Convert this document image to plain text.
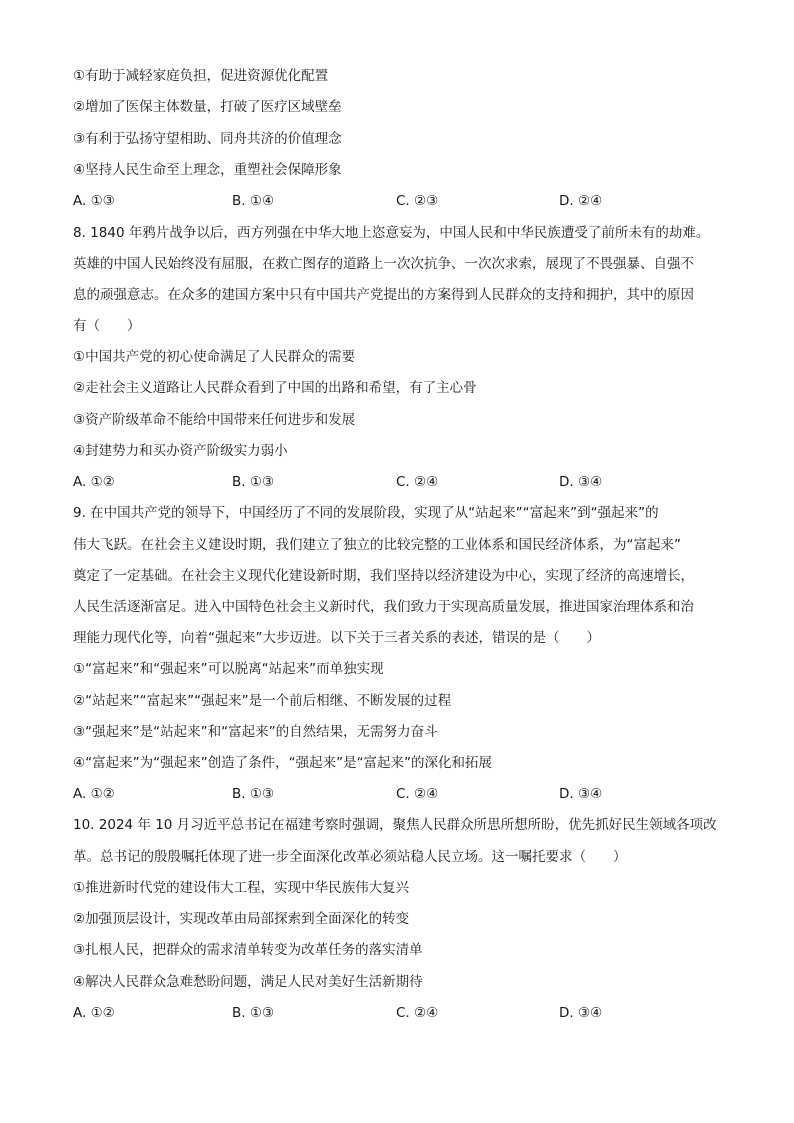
①有助于减轻家庭负担，促进资源优化配置
②增加了医保主体数量，打破了医疗区域壁垒
③有利于弘扬守望相助、同舟共济的价值理念
④坚持人民生命至上理念，重塑社会保障形象
A. ①③	B. ①④	C. ②③	D. ②④
8. 1840 年鸦片战争以后，西方列强在中华大地上恣意妄为，中国人民和中华民族遭受了前所未有的劫难。
英雄的中国人民始终没有屈服，在救亡图存的道路上一次次抗争、一次次求索，展现了不畏强暴、自强不
息的顽强意志。在众多的建国方案中只有中国共产党提出的方案得到人民群众的支持和拥护，其中的原因
有（　　）
①中国共产党的初心使命满足了人民群众的需要
②走社会主义道路让人民群众看到了中国的出路和希望，有了主心骨
③资产阶级革命不能给中国带来任何进步和发展
④封建势力和买办资产阶级实力弱小
A. ①②	B. ①③	C. ②④	D. ③④
9. 在中国共产党的领导下，中国经历了不同的发展阶段，实现了从“站起来”“富起来”到“强起来”的
伟大飞跃。在社会主义建设时期，我们建立了独立的比较完整的工业体系和国民经济体系，为“富起来”
奠定了一定基础。在社会主义现代化建设新时期，我们坚持以经济建设为中心，实现了经济的高速增长，
人民生活逐渐富足。进入中国特色社会主义新时代，我们致力于实现高质量发展，推进国家治理体系和治
理能力现代化等，向着“强起来”大步迈进。以下关于三者关系的表述，错误的是（　　）
①“富起来”和“强起来”可以脱离“站起来”而单独实现
②“站起来”“富起来”“强起来”是一个前后相继、不断发展的过程
③“强起来”是“站起来”和“富起来”的自然结果，无需努力奋斗
④“富起来”为“强起来”创造了条件，“强起来”是“富起来”的深化和拓展
A. ①②	B. ①③	C. ②④	D. ③④
10. 2024 年 10 月习近平总书记在福建考察时强调，聚焦人民群众所思所想所盼，优先抓好民生领域各项改
革。总书记的殷殷嘱托体现了进一步全面深化改革必须站稳人民立场。这一嘱托要求（　　）
①推进新时代党的建设伟大工程，实现中华民族伟大复兴
②加强顶层设计，实现改革由局部探索到全面深化的转变
③扎根人民，把群众的需求清单转变为改革任务的落实清单
④解决人民群众急难愁盼问题，满足人民对美好生活新期待
A. ①②	B. ①③	C. ②④	D. ③④
